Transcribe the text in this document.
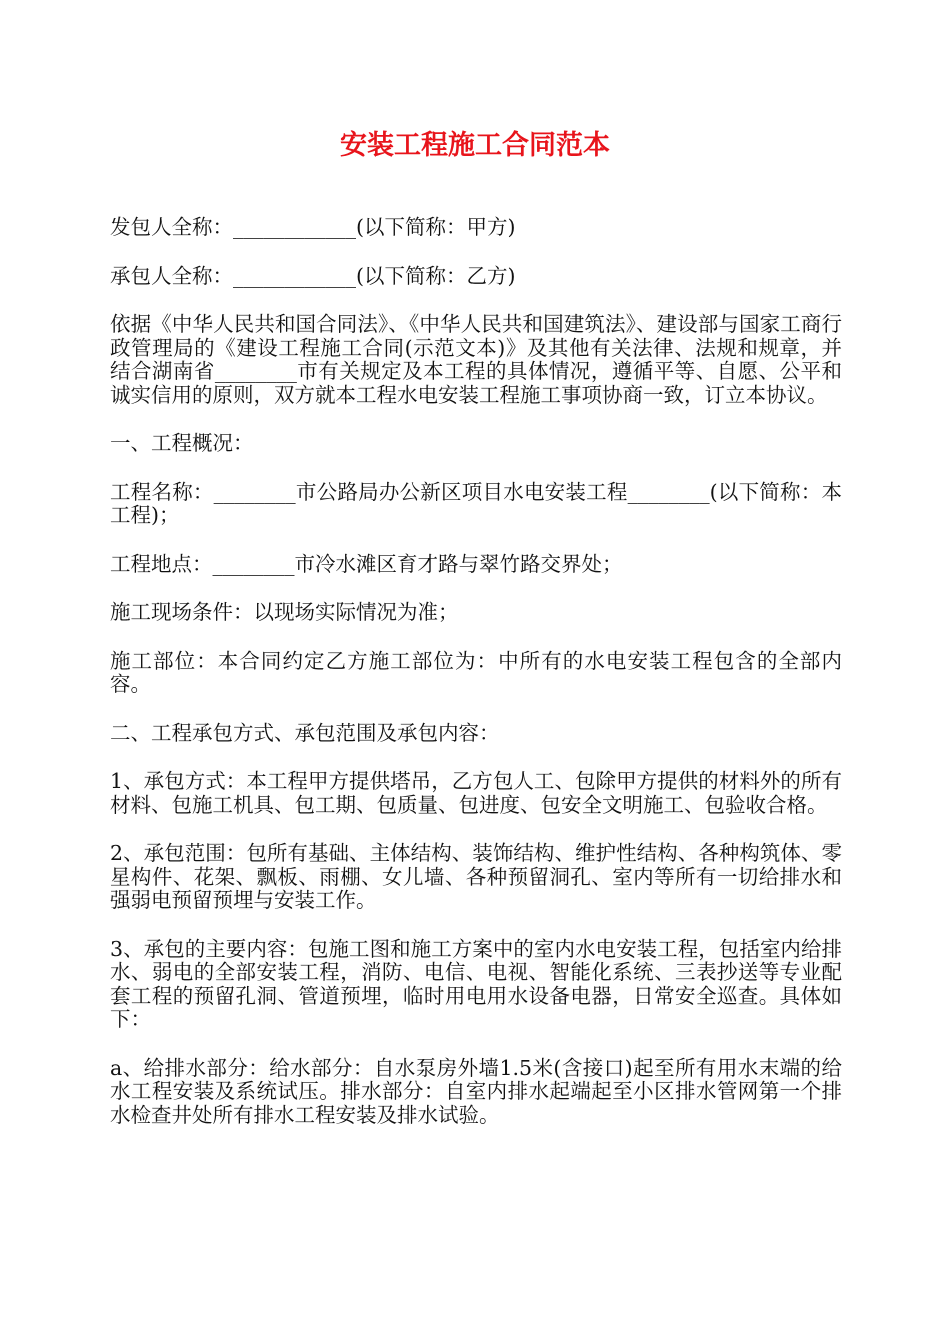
安装工程施工合同范本

发包人全称：____________(以下简称：甲方)

承包人全称：____________(以下简称：乙方)

依据《中华人民共和国合同法》、《中华人民共和国建筑法》、建设部与国家工商行政管理局的《建设工程施工合同(示范文本)》及其他有关法律、法规和规章，并结合湖南省________市有关规定及本工程的具体情况，遵循平等、自愿、公平和诚实信用的原则，双方就本工程水电安装工程施工事项协商一致，订立本协议。

一、工程概况：

工程名称：________市公路局办公新区项目水电安装工程________(以下简称：本工程)；

工程地点：________市冷水滩区育才路与翠竹路交界处；

施工现场条件：以现场实际情况为准；

施工部位：本合同约定乙方施工部位为：中所有的水电安装工程包含的全部内容。

二、工程承包方式、承包范围及承包内容：

1、承包方式：本工程甲方提供塔吊，乙方包人工、包除甲方提供的材料外的所有材料、包施工机具、包工期、包质量、包进度、包安全文明施工、包验收合格。

2、承包范围：包所有基础、主体结构、装饰结构、维护性结构、各种构筑体、零星构件、花架、飘板、雨棚、女儿墙、各种预留洞孔、室内等所有一切给排水和强弱电预留预埋与安装工作。

3、承包的主要内容：包施工图和施工方案中的室内水电安装工程，包括室内给排水、弱电的全部安装工程，消防、电信、电视、智能化系统、三表抄送等专业配套工程的预留孔洞、管道预埋，临时用电用水设备电器，日常安全巡查。具体如下：

a、给排水部分：给水部分：自水泵房外墙1.5米(含接口)起至所有用水末端的给水工程安装及系统试压。排水部分：自室内排水起端起至小区排水管网第一个排水检查井处所有排水工程安装及排水试验。
